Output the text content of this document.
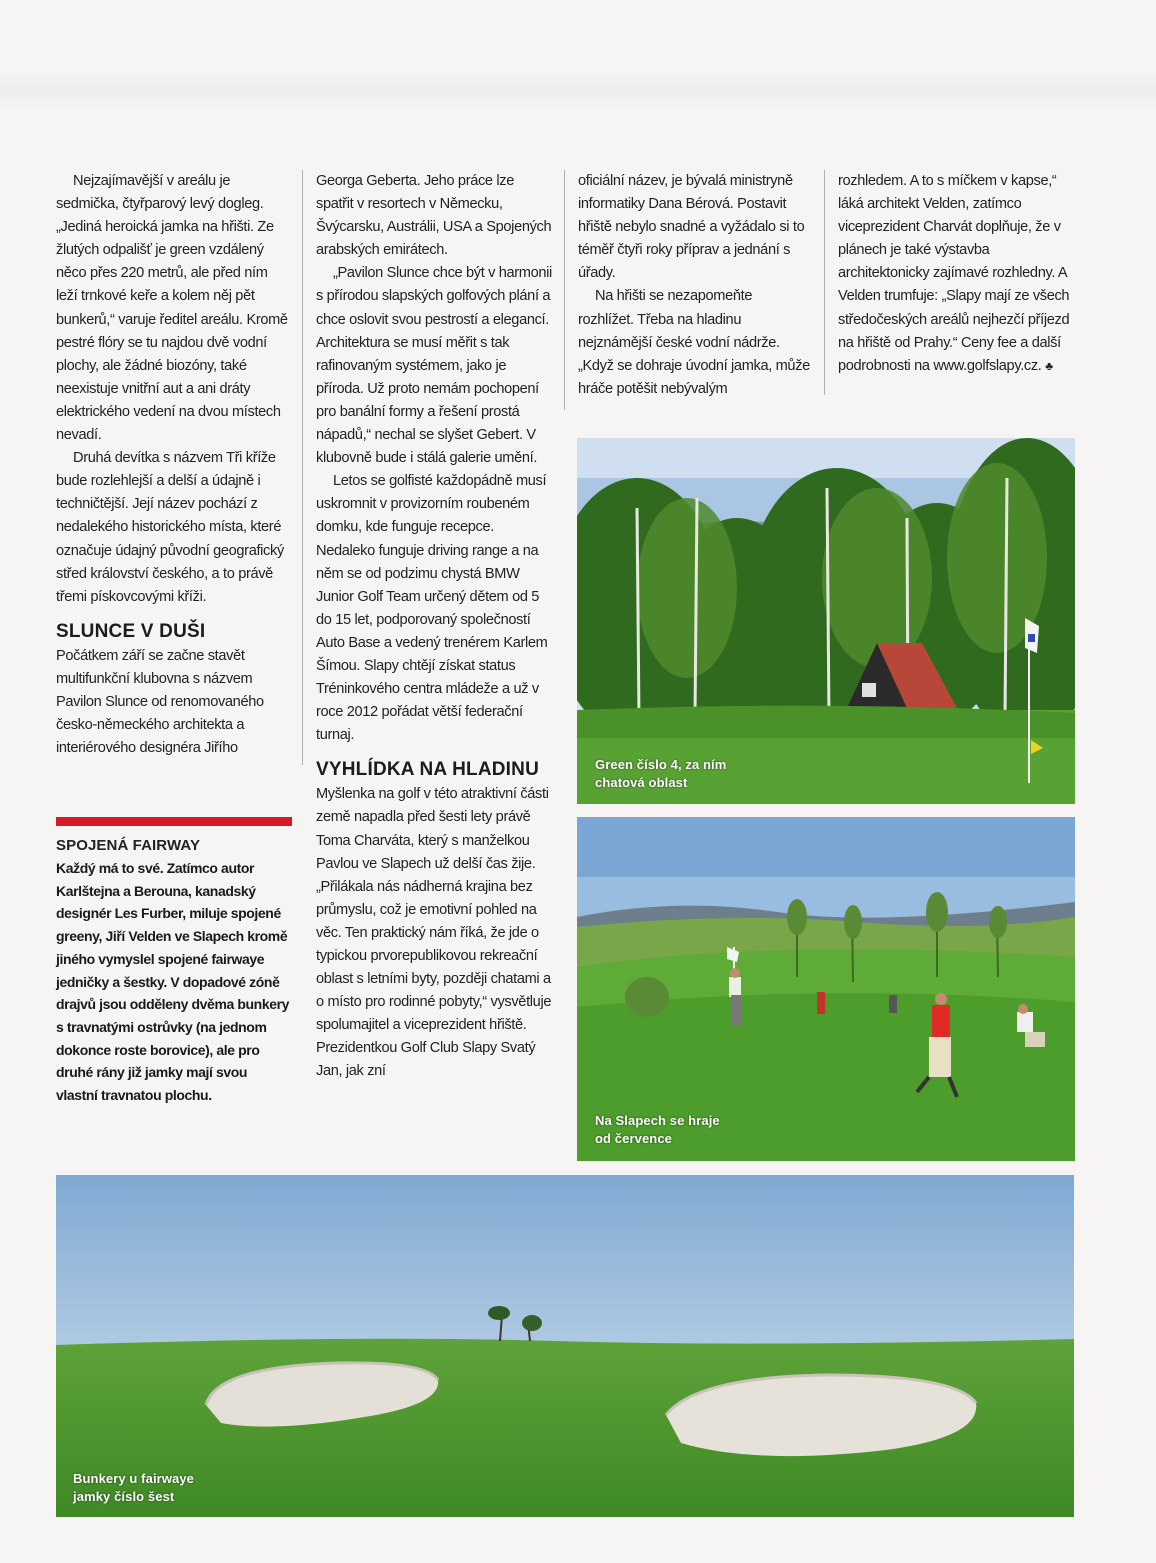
Nejzajímavější v areálu je sedmička, čtyřparový levý dogleg. „Jediná heroická jamka na hřišti. Ze žlutých odpališť je green vzdálený něco přes 220 metrů, ale před ním leží trnkové keře a kolem něj pět bunkerů,“ varuje ředitel areálu. Kromě pestré flóry se tu najdou dvě vodní plochy, ale žádné biozóny, také neexistuje vnitřní aut a ani dráty elektrického vedení na dvou místech nevadí.

Druhá devítka s názvem Tři kříže bude rozlehlejší a delší a údajně i techničtější. Její název pochází z nedalekého historického místa, které označuje údajný původní geografický střed království českého, a to právě třemi pískovcovými kříži.

SLUNCE V DUŠI

Počátkem září se začne stavět multifunkční klubovna s názvem Pavilon Slunce od renomovaného česko-německého architekta a interiérového designéra Jiřího

Georga Geberta. Jeho práce lze spatřit v resortech v Německu, Švýcarsku, Austrálii, USA a Spojených arabských emirátech.

„Pavilon Slunce chce být v harmonii s přírodou slapských golfových plání a chce oslovit svou pestrostí a elegancí. Architektura se musí měřit s tak rafinovaným systémem, jako je příroda. Už proto nemám pochopení pro banální formy a řešení prostá nápadů,“ nechal se slyšet Gebert. V klubovně bude i stálá galerie umění.

Letos se golfisté každopádně musí uskromnit v provizorním roubeném domku, kde funguje recepce. Nedaleko funguje driving range a na něm se od podzimu chystá BMW Junior Golf Team určený dětem od 5 do 15 let, podporovaný společností Auto Base a vedený trenérem Karlem Šímou. Slapy chtějí získat status Tréninkového centra mládeže a už v roce 2012 pořádat větší federační turnaj.

VYHLÍDKA NA HLADINU

Myšlenka na golf v této atraktivní části země napadla před šesti lety právě Toma Charváta, který s manželkou Pavlou ve Slapech už delší čas žije. „Přilákala nás nádherná krajina bez průmyslu, což je emotivní pohled na věc. Ten praktický nám říká, že jde o typickou prvorepublikovou rekreační oblast s letními byty, později chatami a o místo pro rodinné pobyty,“ vysvětluje spolumajitel a viceprezident hřiště. Prezidentkou Golf Club Slapy Svatý Jan, jak zní

oficiální název, je bývalá ministryně informatiky Dana Bérová. Postavit hřiště nebylo snadné a vyžádalo si to téměř čtyři roky příprav a jednání s úřady.

Na hřišti se nezapomeňte rozhlížet. Třeba na hladinu nejznámější české vodní nádrže. „Když se dohraje úvodní jamka, může hráče potěšit nebývalým

rozhledem. A to s míčkem v kapse,“ láká architekt Velden, zatímco viceprezident Charvát doplňuje, že v plánech je také výstavba architektonicky zajímavé rozhledny. A Velden trumfuje: „Slapy mají ze všech středočeských areálů nejhezčí příjezd na hřiště od Prahy.“ Ceny fee a další podrobnosti na www.golfslapy.cz. ♣

SPOJENÁ FAIRWAY

Každý má to své. Zatímco autor Karlštejna a Berouna, kanadský designér Les Furber, miluje spojené greeny, Jiří Velden ve Slapech kromě jiného vymyslel spojené fairwaye jedničky a šestky. V dopadové zóně drajvů jsou odděleny dvěma bunkery s travnatými ostrůvky (na jednom dokonce roste borovice), ale pro druhé rány již jamky mají svou vlastní travnatou plochu.

Green číslo 4, za ním
chatová oblast
Na Slapech se hraje
od července
Bunkery u fairwaye
jamky číslo šest
